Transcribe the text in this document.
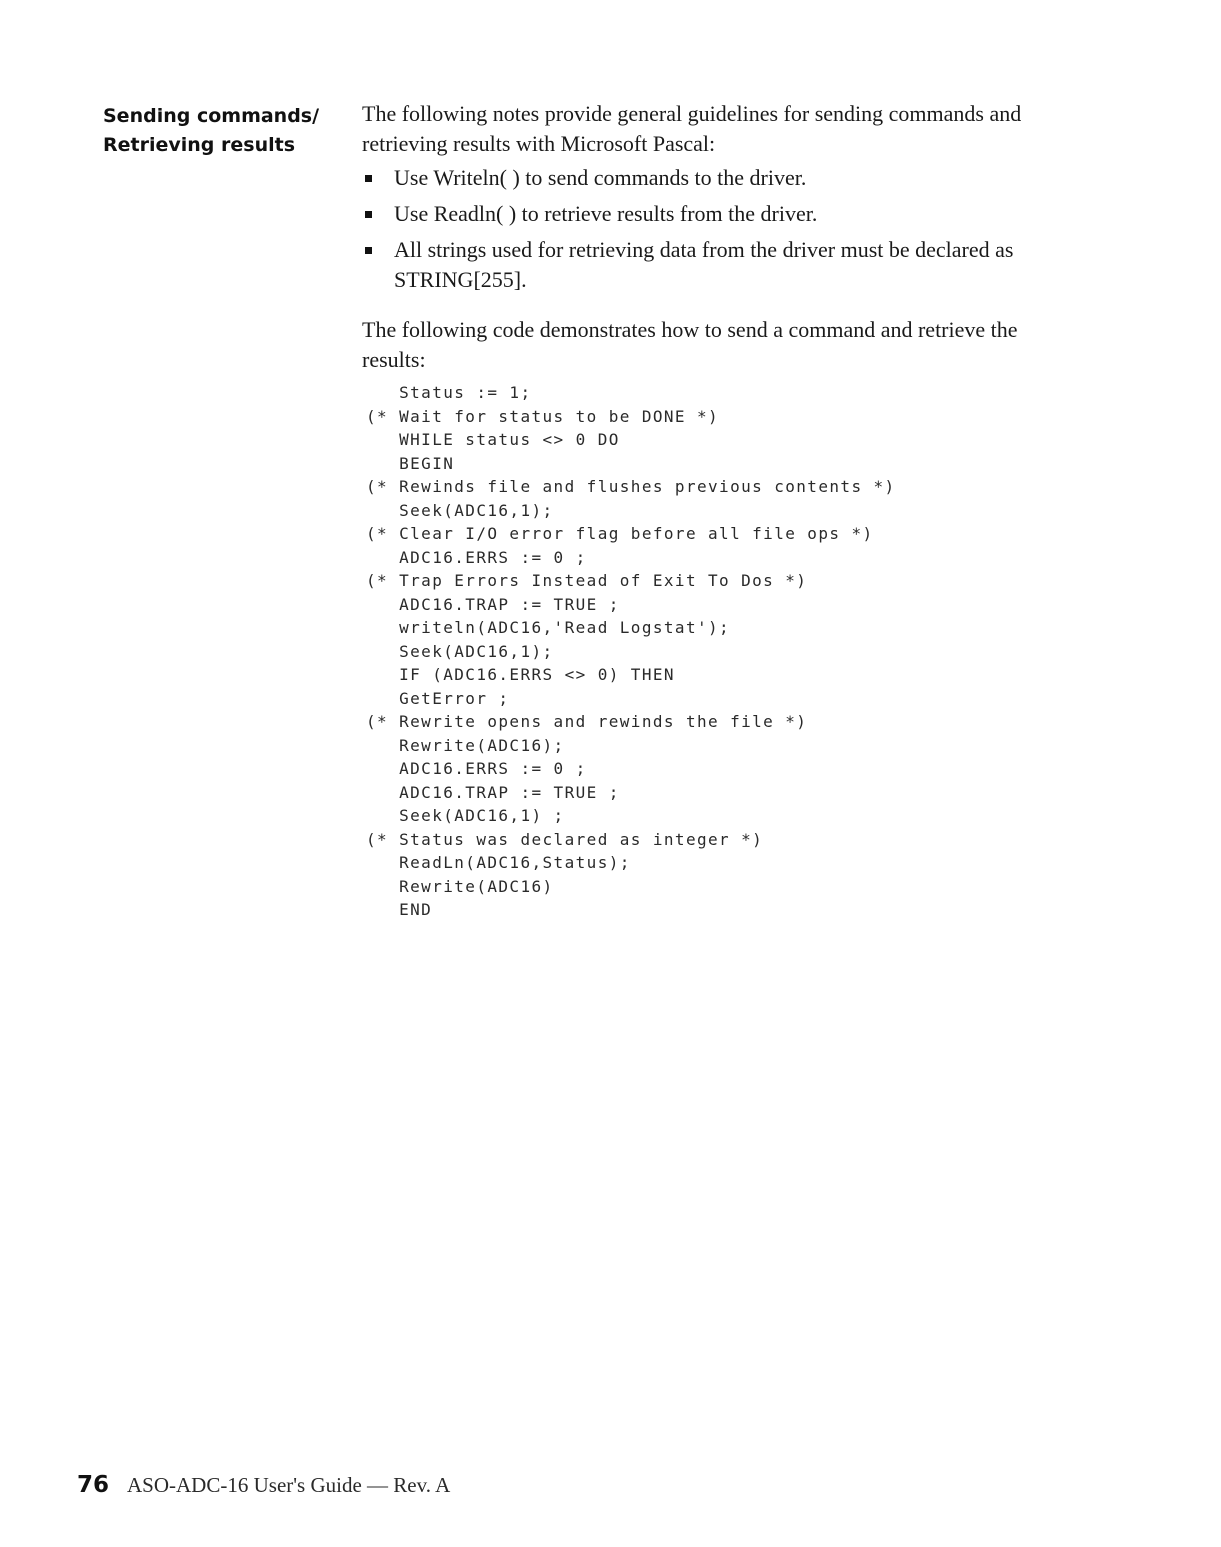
Sending commands/
Retrieving results

The following notes provide general guidelines for sending commands and retrieving results with Microsoft Pascal:

Use Writeln( ) to send commands to the driver.
Use Readln( ) to retrieve results from the driver.
All strings used for retrieving data from the driver must be declared as STRING[255].

The following code demonstrates how to send a command and retrieve the results:

Status := 1;
(* Wait for status to be DONE *)
WHILE status <> 0 DO
BEGIN
(* Rewinds file and flushes previous contents *)
Seek(ADC16,1);
(* Clear I/O error flag before all file ops *)
ADC16.ERRS := 0 ;
(* Trap Errors Instead of Exit To Dos *)
ADC16.TRAP := TRUE ;
writeln(ADC16,'Read Logstat');
Seek(ADC16,1);
IF (ADC16.ERRS <> 0) THEN
GetError ;
(* Rewrite opens and rewinds the file *)
Rewrite(ADC16);
ADC16.ERRS := 0 ;
ADC16.TRAP := TRUE ;
Seek(ADC16,1) ;
(* Status was declared as integer *)
ReadLn(ADC16,Status);
Rewrite(ADC16)
END
76 ASO-ADC-16 User's Guide — Rev. A
